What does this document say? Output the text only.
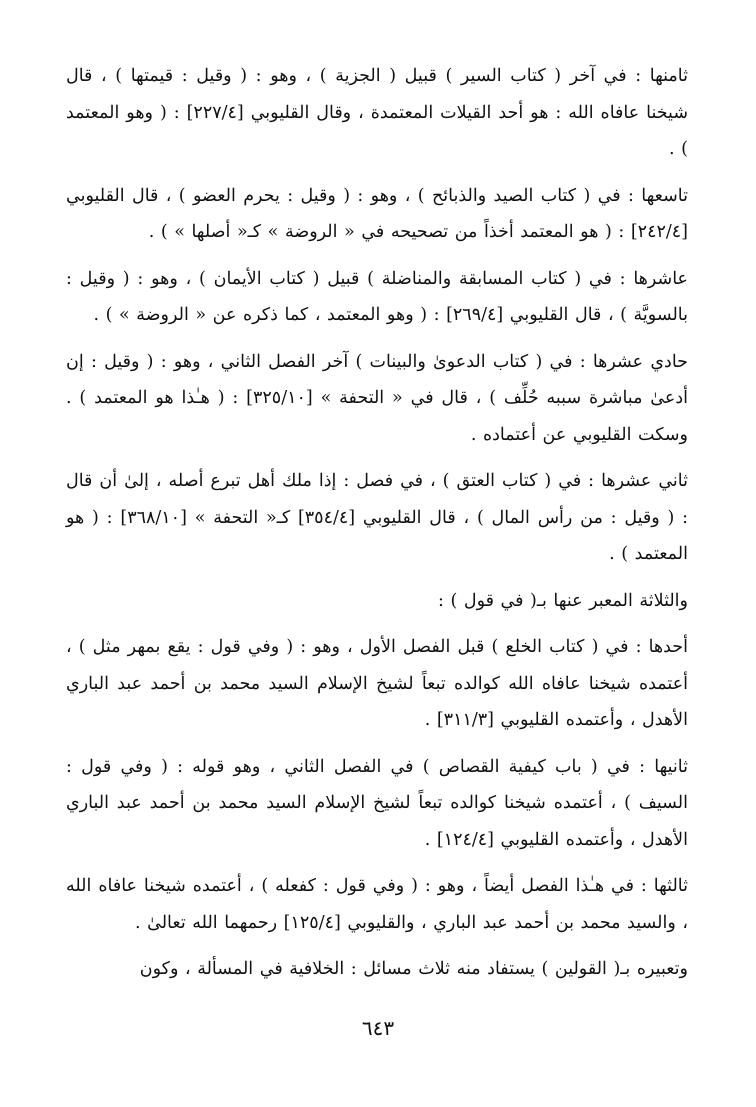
ثامنها : في آخر ( كتاب السير ) قبيل ( الجزية ) ، وهو : ( وقيل : قيمتها ) ، قال شيخنا عافاه الله : هو أحد القيلات المعتمدة ، وقال القليوبي [٢٢٧/٤] : ( وهو المعتمد ) .

تاسعها : في ( كتاب الصيد والذبائح ) ، وهو : ( وقيل : يحرم العضو ) ، قال القليوبي [٢٤٢/٤] : ( هو المعتمد أخذاً من تصحيحه في « الروضة » كـ« أصلها » ) .

عاشرها : في ( كتاب المسابقة والمناضلة ) قبيل ( كتاب الأيمان ) ، وهو : ( وقيل : بالسويَّة ) ، قال القليوبي [٢٦٩/٤] : ( وهو المعتمد ، كما ذكره عن « الروضة » ) .

حادي عشرها : في ( كتاب الدعوىٰ والبينات ) آخر الفصل الثاني ، وهو : ( وقيل : إن أدعىٰ مباشرة سببه حُلِّف ) ، قال في « التحفة » [٣٢٥/١٠] : ( هـٰذا هو المعتمد ) . وسكت القليوبي عن أعتماده .

ثاني عشرها : في ( كتاب العتق ) ، في فصل : إذا ملك أهل تبرع أصله ، إلىٰ أن قال : ( وقيل : من رأس المال ) ، قال القليوبي [٣٥٤/٤] كـ« التحفة » [٣٦٨/١٠] : ( هو المعتمد ) .

والثلاثة المعبر عنها بـ( في قول ) :

أحدها : في ( كتاب الخلع ) قبل الفصل الأول ، وهو : ( وفي قول : يقع بمهر مثل ) ، أعتمده شيخنا عافاه الله كوالده تبعاً لشيخ الإسلام السيد محمد بن أحمد عبد الباري الأهدل ، وأعتمده القليوبي [٣١١/٣] .

ثانيها : في ( باب كيفية القصاص ) في الفصل الثاني ، وهو قوله : ( وفي قول : السيف ) ، أعتمده شيخنا كوالده تبعاً لشيخ الإسلام السيد محمد بن أحمد عبد الباري الأهدل ، وأعتمده القليوبي [١٢٤/٤] .

ثالثها : في هـٰذا الفصل أيضاً ، وهو : ( وفي قول : كفعله ) ، أعتمده شيخنا عافاه الله ، والسيد محمد بن أحمد عبد الباري ، والقليوبي [١٢٥/٤] رحمهما الله تعالىٰ .

وتعبيره بـ( القولين ) يستفاد منه ثلاث مسائل : الخلافية في المسألة ، وكون

٦٤٣
